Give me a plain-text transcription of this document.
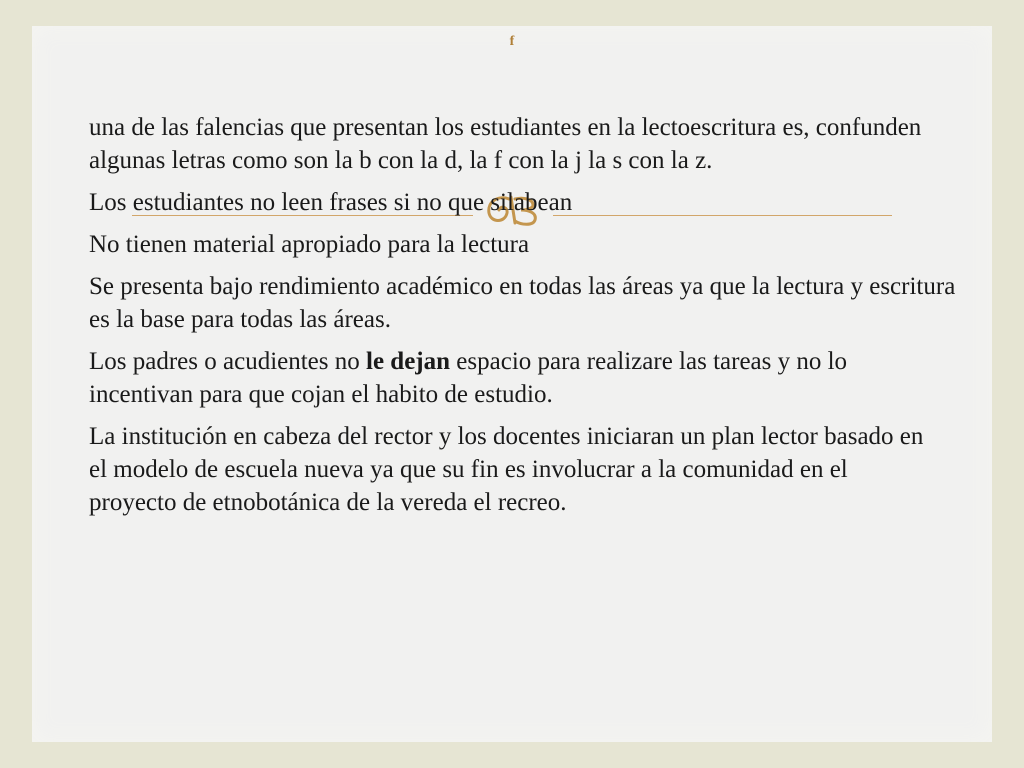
f
una de las falencias que presentan los estudiantes en la lectoescritura es, confunden algunas letras como son la b con la d, la f con la j la s con la z.
Los estudiantes no leen frases si no que silabean
No tienen material apropiado para la lectura
Se presenta bajo rendimiento académico en todas las áreas ya que la lectura y escritura es la base para todas las áreas.
Los padres o acudientes no le dejan espacio para realizare las tareas y no lo incentivan para que cojan el habito de estudio.
La institución en cabeza del rector y los docentes iniciaran un plan lector basado en el modelo de escuela nueva ya que su fin es involucrar a la comunidad en el proyecto de etnobotánica de la vereda el recreo.
